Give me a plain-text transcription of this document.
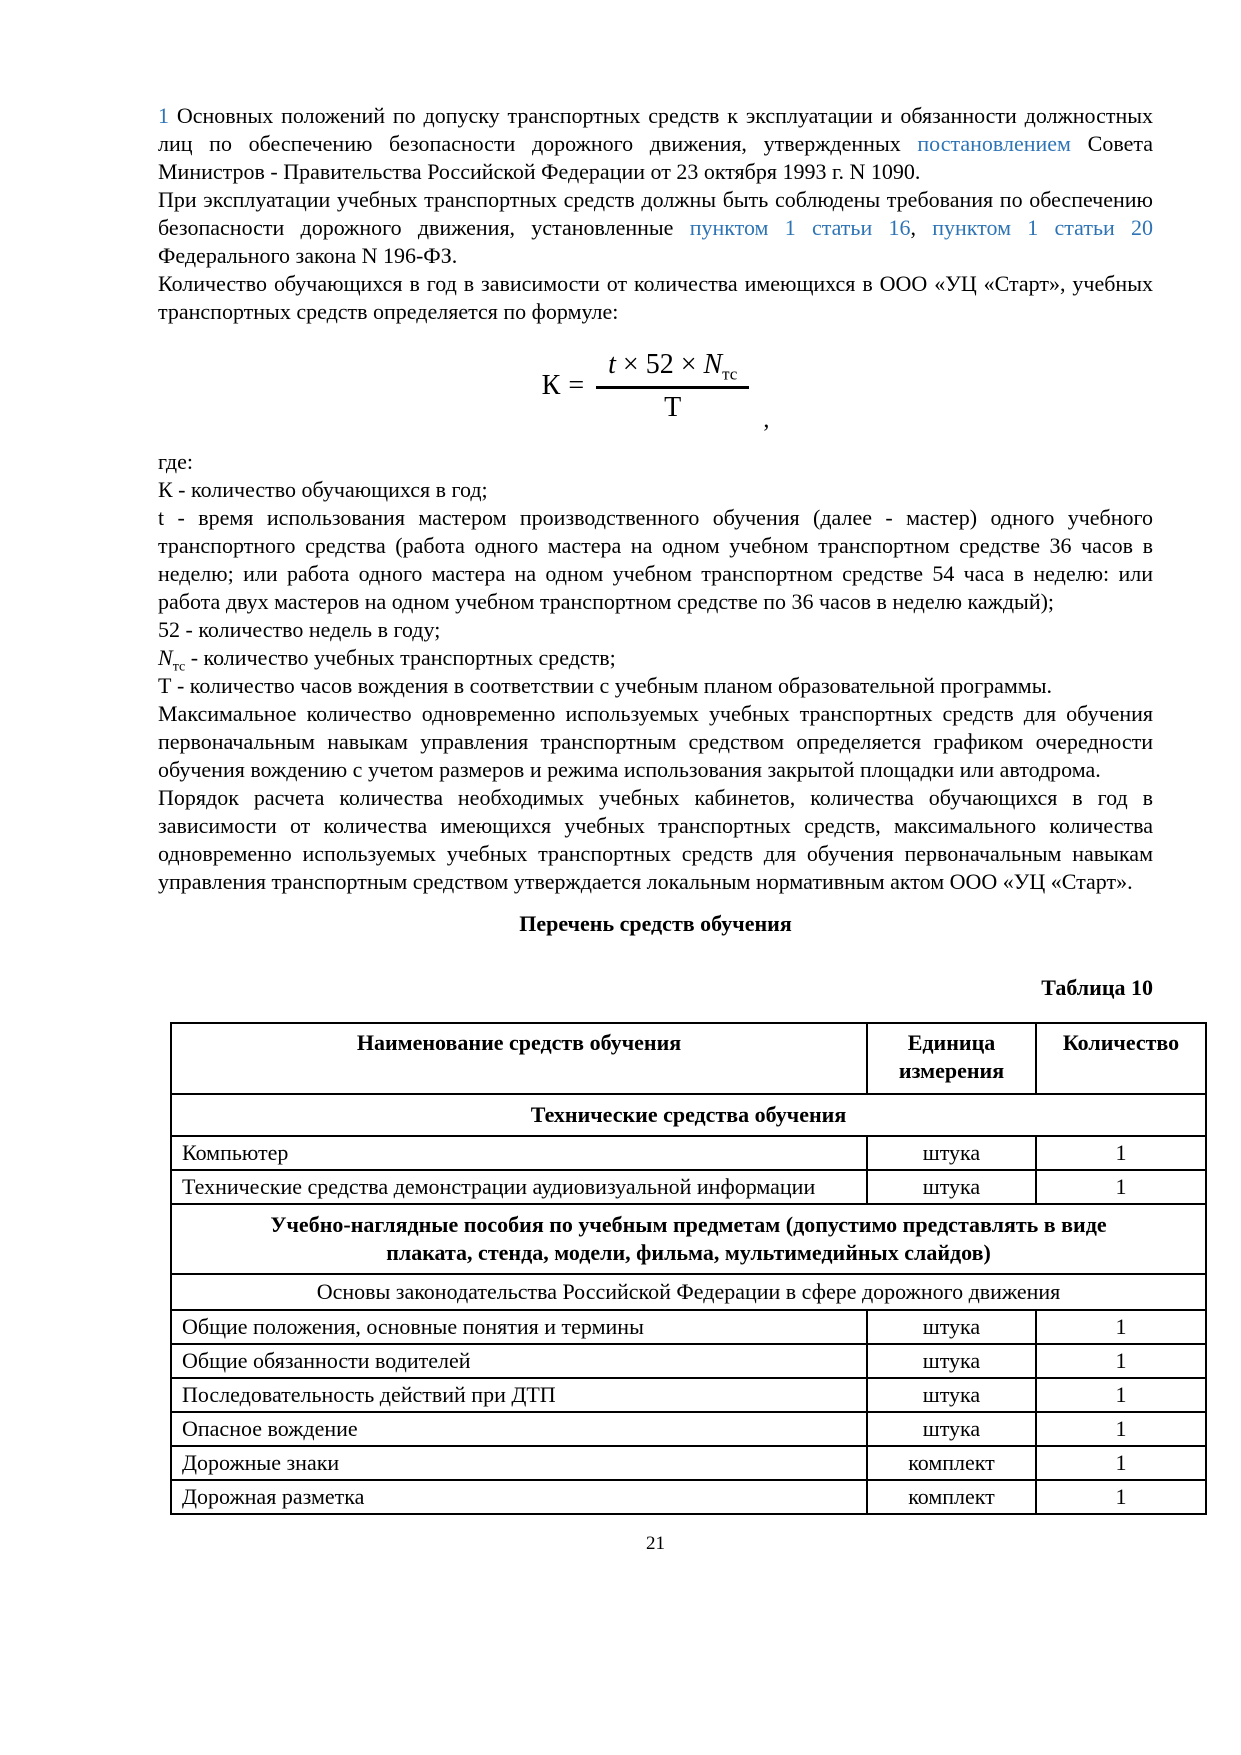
1 Основных положений по допуску транспортных средств к эксплуатации и обязанности должностных лиц по обеспечению безопасности дорожного движения, утвержденных постановлением Совета Министров - Правительства Российской Федерации от 23 октября 1993 г. N 1090.

При эксплуатации учебных транспортных средств должны быть соблюдены требования по обеспечению безопасности дорожного движения, установленные пунктом 1 статьи 16, пунктом 1 статьи 20 Федерального закона N 196-ФЗ.

Количество обучающихся в год в зависимости от количества имеющихся в ООО «УЦ «Старт», учебных транспортных средств определяется по формуле:

$К = \frac{t \times 52 \times N_{тс}}{Т}$ ,

где:

К - количество обучающихся в год;

t - время использования мастером производственного обучения (далее - мастер) одного учебного транспортного средства (работа одного мастера на одном учебном транспортном средстве 36 часов в неделю; или работа одного мастера на одном учебном транспортном средстве 54 часа в неделю: или работа двух мастеров на одном учебном транспортном средстве по 36 часов в неделю каждый);

52 - количество недель в году;

$N_{тс}$ - количество учебных транспортных средств;

Т - количество часов вождения в соответствии с учебным планом образовательной программы.

Максимальное количество одновременно используемых учебных транспортных средств для обучения первоначальным навыкам управления транспортным средством определяется графиком очередности обучения вождению с учетом размеров и режима использования закрытой площадки или автодрома.

Порядок расчета количества необходимых учебных кабинетов, количества обучающихся в год в зависимости от количества имеющихся учебных транспортных средств, максимального количества одновременно используемых учебных транспортных средств для обучения первоначальным навыкам управления транспортным средством утверждается локальным нормативным актом ООО «УЦ «Старт».

Перечень средств обучения
Таблица 10
Наименование средств обучения	Единица измерения	Количество
Технические средства обучения		
Компьютер	штука	1
Технические средства демонстрации аудиовизуальной информации	штука	1
Учебно-наглядные пособия по учебным предметам (допустимо представлять в виде плаката, стенда, модели, фильма, мультимедийных слайдов)		
Основы законодательства Российской Федерации в сфере дорожного движения		
Общие положения, основные понятия и термины	штука	1
Общие обязанности водителей	штука	1
Последовательность действий при ДТП	штука	1
Опасное вождение	штука	1
Дорожные знаки	комплект	1
Дорожная разметка	комплект	1
21
